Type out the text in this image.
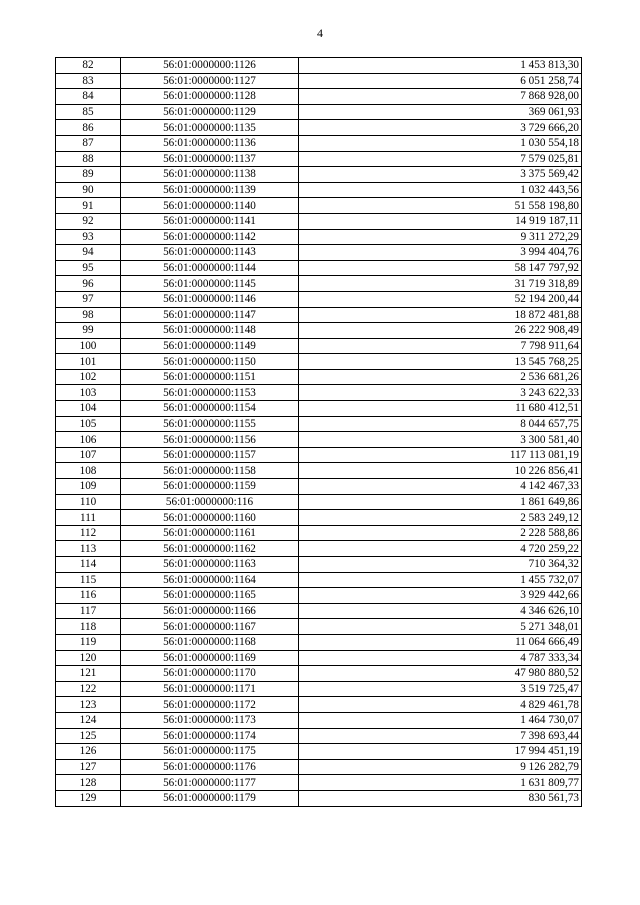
4
82	56:01:0000000:1126	1 453 813,30
83	56:01:0000000:1127	6 051 258,74
84	56:01:0000000:1128	7 868 928,00
85	56:01:0000000:1129	369 061,93
86	56:01:0000000:1135	3 729 666,20
87	56:01:0000000:1136	1 030 554,18
88	56:01:0000000:1137	7 579 025,81
89	56:01:0000000:1138	3 375 569,42
90	56:01:0000000:1139	1 032 443,56
91	56:01:0000000:1140	51 558 198,80
92	56:01:0000000:1141	14 919 187,11
93	56:01:0000000:1142	9 311 272,29
94	56:01:0000000:1143	3 994 404,76
95	56:01:0000000:1144	58 147 797,92
96	56:01:0000000:1145	31 719 318,89
97	56:01:0000000:1146	52 194 200,44
98	56:01:0000000:1147	18 872 481,88
99	56:01:0000000:1148	26 222 908,49
100	56:01:0000000:1149	7 798 911,64
101	56:01:0000000:1150	13 545 768,25
102	56:01:0000000:1151	2 536 681,26
103	56:01:0000000:1153	3 243 622,33
104	56:01:0000000:1154	11 680 412,51
105	56:01:0000000:1155	8 044 657,75
106	56:01:0000000:1156	3 300 581,40
107	56:01:0000000:1157	117 113 081,19
108	56:01:0000000:1158	10 226 856,41
109	56:01:0000000:1159	4 142 467,33
110	56:01:0000000:116	1 861 649,86
111	56:01:0000000:1160	2 583 249,12
112	56:01:0000000:1161	2 228 588,86
113	56:01:0000000:1162	4 720 259,22
114	56:01:0000000:1163	710 364,32
115	56:01:0000000:1164	1 455 732,07
116	56:01:0000000:1165	3 929 442,66
117	56:01:0000000:1166	4 346 626,10
118	56:01:0000000:1167	5 271 348,01
119	56:01:0000000:1168	11 064 666,49
120	56:01:0000000:1169	4 787 333,34
121	56:01:0000000:1170	47 980 880,52
122	56:01:0000000:1171	3 519 725,47
123	56:01:0000000:1172	4 829 461,78
124	56:01:0000000:1173	1 464 730,07
125	56:01:0000000:1174	7 398 693,44
126	56:01:0000000:1175	17 994 451,19
127	56:01:0000000:1176	9 126 282,79
128	56:01:0000000:1177	1 631 809,77
129	56:01:0000000:1179	830 561,73
